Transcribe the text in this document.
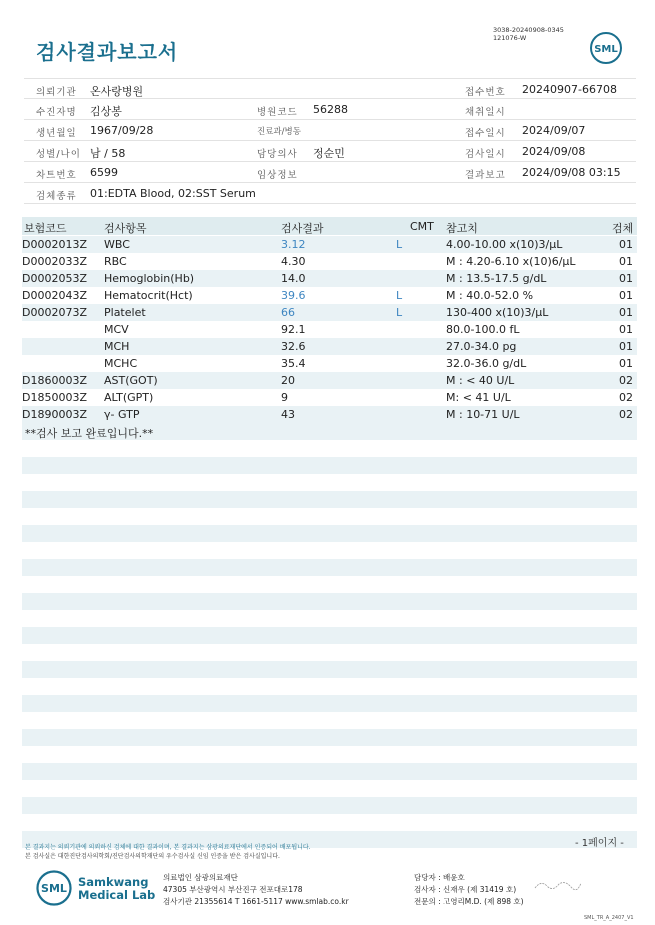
검사결과보고서
3038-20240908-0345
121076-W
SML
의뢰기관 온사랑병원	접수번호 20240907-66708
수진자명 김상봉	병원코드 56288	채취일시
생년월일 1967/09/28	진료과/병동	접수일시 2024/09/07
성별/나이 남 / 58	담당의사 정순민	검사일시 2024/09/08
차트번호 6599	임상정보	결과보고 2024/09/08 03:15
검체종류 01:EDTA Blood, 02:SST Serum
보험코드	검사항목	검사결과	CMT 참고치	검체
D0002013Z WBC	3.12	L	4.00-10.00 x(10)3/μL	01
D0002033Z RBC	4.30	M : 4.20-6.10 x(10)6/μL	01
D0002053Z Hemoglobin(Hb)	14.0	M : 13.5-17.5 g/dL	01
D0002043Z Hematocrit(Hct)	39.6	L	M : 40.0-52.0 %	01
D0002073Z Platelet	66	L	130-400 x(10)3/μL	01
MCV	92.1	80.0-100.0 fL	01
MCH	32.6	27.0-34.0 pg	01
MCHC	35.4	32.0-36.0 g/dL	01
D1860003Z AST(GOT)	20	M : < 40 U/L	02
D1850003Z ALT(GPT)	9	M: < 41 U/L	02
D1890003Z γ- GTP	43	M : 10-71 U/L	02
**검사 보고 완료입니다.**
- 1페이지 -
본 결과지는 의뢰기관에 의뢰하신 검체에 대한 결과이며, 본 결과지는 삼광의료재단에서 인증되어 배포됩니다.
본 검사실은 대한진단검사의학회/진단검사의학재단의 우수검사실 신임 인증을 받은 검사실입니다.
SML Samkwang
Medical Lab
의료법인 삼광의료재단
47305 부산광역시 부산진구 전포대로178
검사기관 21355614 T 1661-5117 www.smlab.co.kr
담당자 : 배윤호
검사자 : 신재우 (제 31419 호)
전문의 : 고영리M.D. (제 898 호)
SML_TR_A_2407_V1
